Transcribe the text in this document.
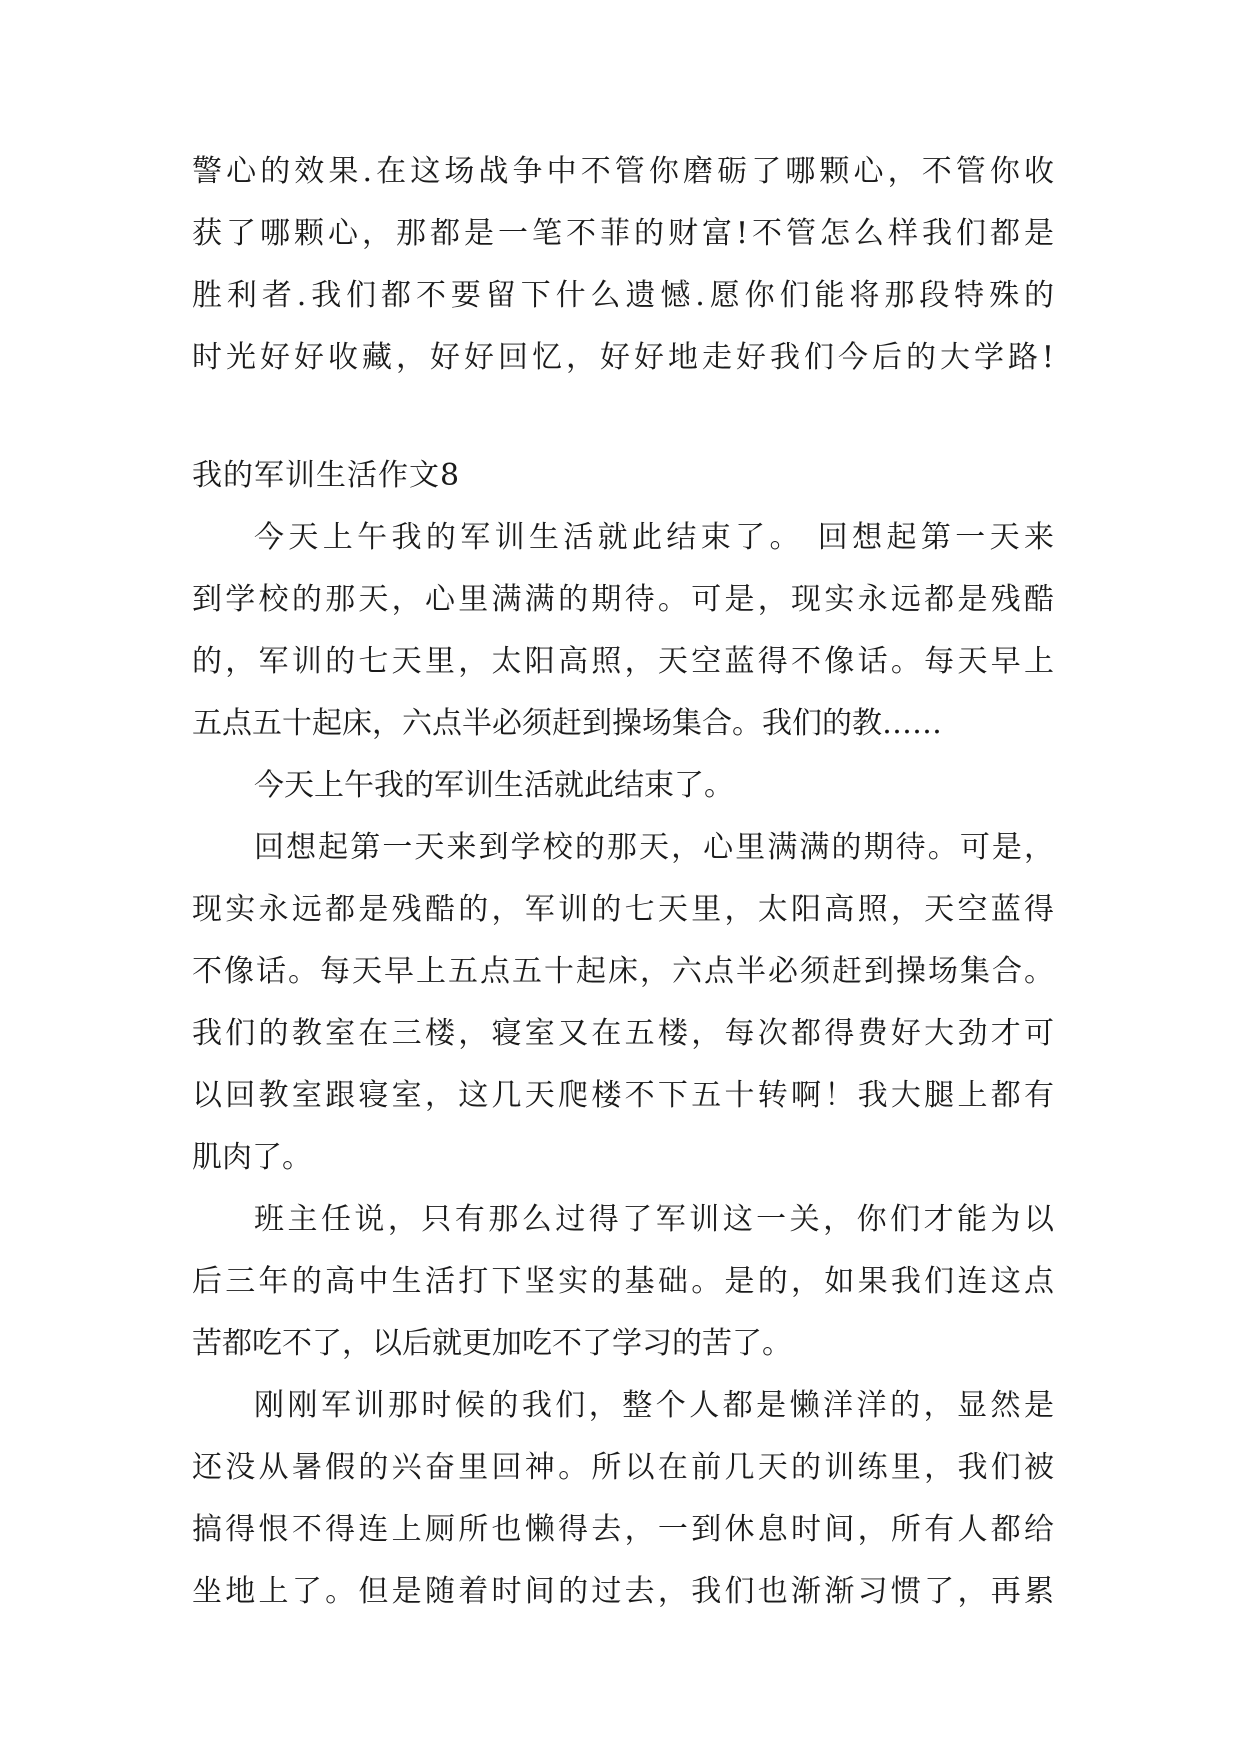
警心的效果.在这场战争中不管你磨砺了哪颗心，不管你收
获了哪颗心，那都是一笔不菲的财富!不管怎么样我们都是
胜利者.我们都不要留下什么遗憾.愿你们能将那段特殊的
时光好好收藏，好好回忆，好好地走好我们今后的大学路!
我的军训生活作文8
今天上午我的军训生活就此结束了。 回想起第一天来
到学校的那天，心里满满的期待。可是，现实永远都是残酷
的，军训的七天里，太阳高照，天空蓝得不像话。每天早上
五点五十起床，六点半必须赶到操场集合。我们的教……
今天上午我的军训生活就此结束了。
回想起第一天来到学校的那天，心里满满的期待。可是，
现实永远都是残酷的，军训的七天里，太阳高照，天空蓝得
不像话。每天早上五点五十起床，六点半必须赶到操场集合。
我们的教室在三楼，寝室又在五楼，每次都得费好大劲才可
以回教室跟寝室，这几天爬楼不下五十转啊！我大腿上都有
肌肉了。
班主任说，只有那么过得了军训这一关，你们才能为以
后三年的高中生活打下坚实的基础。是的，如果我们连这点
苦都吃不了，以后就更加吃不了学习的苦了。
刚刚军训那时候的我们，整个人都是懒洋洋的，显然是
还没从暑假的兴奋里回神。所以在前几天的训练里，我们被
搞得恨不得连上厕所也懒得去，一到休息时间，所有人都给
坐地上了。但是随着时间的过去，我们也渐渐习惯了，再累
